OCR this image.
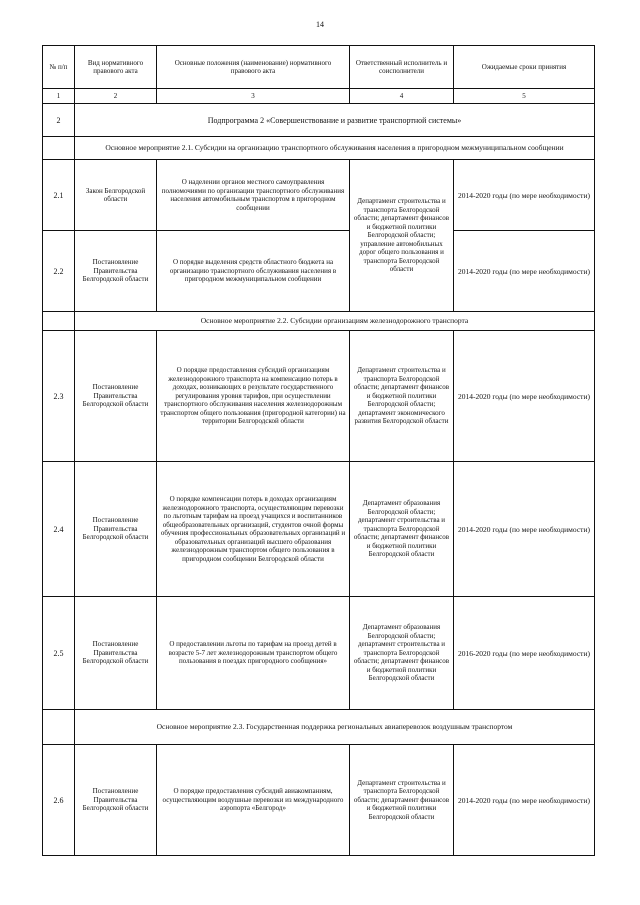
14
№ п/п	Вид нормативного правового акта	Основные положения (наименование) нормативного правового акта	Ответственный исполнитель и соисполнители	Ожидаемые сроки принятия
1	2	3	4	5
2	Подпрограмма 2 «Совершенствование и развитие транспортной системы»			
	Основное мероприятие 2.1. Субсидии на организацию транспортного обслуживания населения в пригородном межмуниципальном сообщении			
2.1	Закон Белгородской области	О наделении органов местного самоуправления полномочиями по организации транспортного обслуживания населения автомобильным транспортом в пригородном сообщении	Департамент строительства и транспорта Белгородской области; департамент финансов и бюджетной политики Белгородской области; управление автомобильных дорог общего пользования и транспорта Белгородской области	2014-2020 годы (по мере необходимости)
2.2	Постановление Правительства Белгородской области	О порядке выделения средств областного бюджета на организацию транспортного обслуживания населения в пригородном межмуниципальном сообщении		2014-2020 годы (по мере необходимости)
	Основное мероприятие 2.2. Субсидии организациям железнодорожного транспорта			
2.3	Постановление Правительства Белгородской области	О порядке предоставления субсидий организациям железнодорожного транспорта на компенсацию потерь в доходах, возникающих в результате государственного регулирования уровня тарифов, при осуществлении транспортного обслуживания населения железнодорожным транспортом общего пользования (пригородной категории) на территории Белгородской области	Департамент строительства и транспорта Белгородской области; департамент финансов и бюджетной политики Белгородской области; департамент экономического развития Белгородской области	2014-2020 годы (по мере необходимости)
2.4	Постановление Правительства Белгородской области	О порядке компенсации потерь в доходах организациям железнодорожного транспорта, осуществляющим перевозки по льготным тарифам на проезд учащихся и воспитанников общеобразовательных организаций, студентов очной формы обучения профессиональных образовательных организаций и образовательных организаций высшего образования железнодорожным транспортом общего пользования в пригородном сообщении Белгородской области	Департамент образования Белгородской области; департамент строительства и транспорта Белгородской области; департамент финансов и бюджетной политики Белгородской области	2014-2020 годы (по мере необходимости)
2.5	Постановление Правительства Белгородской области	О предоставлении льготы по тарифам на проезд детей в возрасте 5-7 лет железнодорожным транспортом общего пользования в поездах пригородного сообщения»	Департамент образования Белгородской области; департамент строительства и транспорта Белгородской области; департамент финансов и бюджетной политики Белгородской области	2016-2020 годы (по мере необходимости)
	Основное мероприятие 2.3. Государственная поддержка региональных авиаперевозок воздушным транспортом			
2.6	Постановление Правительства Белгородской области	О порядке предоставления субсидий авиакомпаниям, осуществляющим воздушные перевозки из международного аэропорта «Белгород»	Департамент строительства и транспорта Белгородской области; департамент финансов и бюджетной политики Белгородской области	2014-2020 годы (по мере необходимости)
